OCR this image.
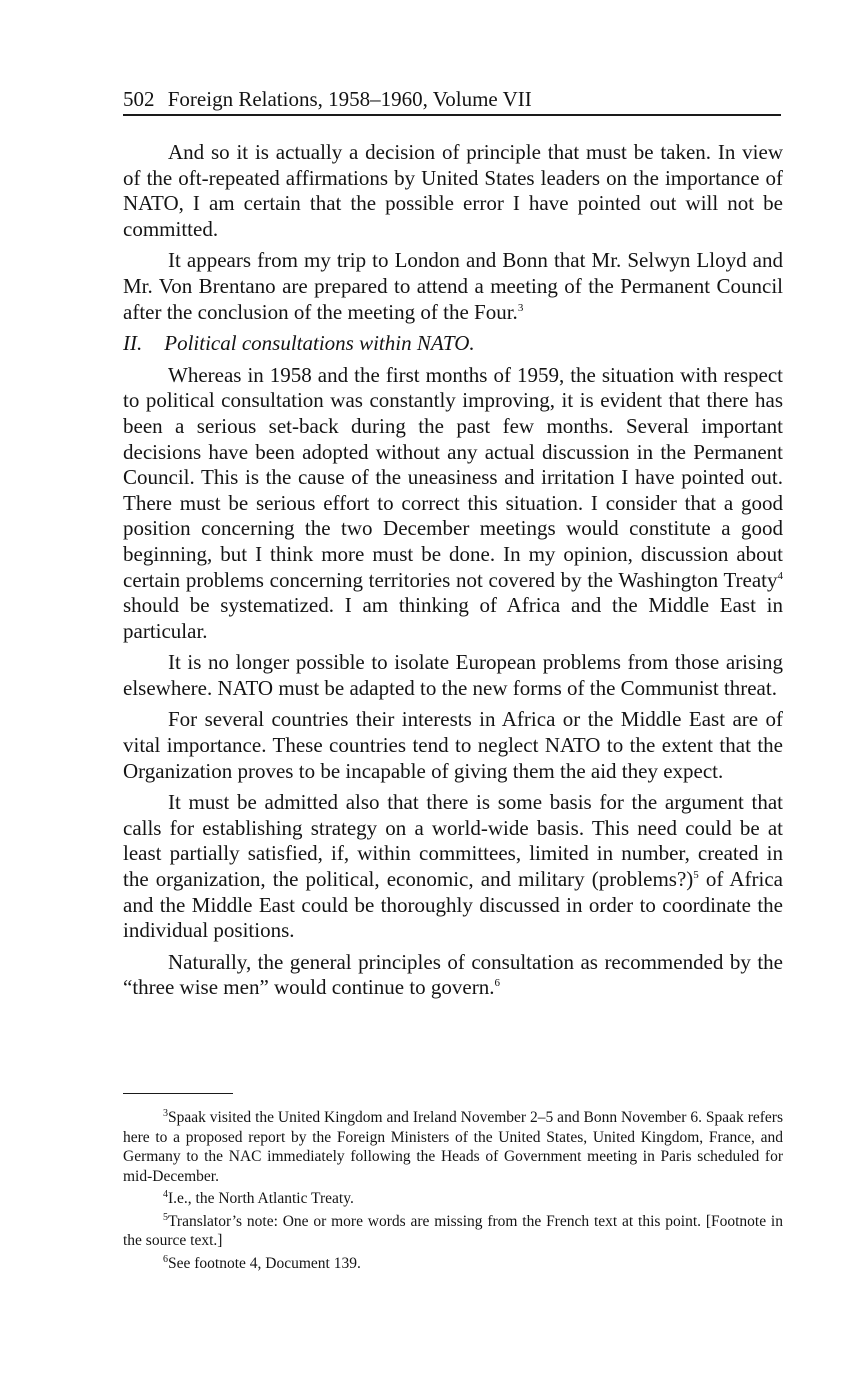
502 Foreign Relations, 1958–1960, Volume VII

And so it is actually a decision of principle that must be taken. In view of the oft-repeated affirmations by United States leaders on the importance of NATO, I am certain that the possible error I have pointed out will not be committed.

It appears from my trip to London and Bonn that Mr. Selwyn Lloyd and Mr. Von Brentano are prepared to attend a meeting of the Permanent Council after the conclusion of the meeting of the Four.$^3$

II. Political consultations within NATO.

Whereas in 1958 and the first months of 1959, the situation with respect to political consultation was constantly improving, it is evident that there has been a serious set-back during the past few months. Several important decisions have been adopted without any actual discussion in the Permanent Council. This is the cause of the uneasiness and irritation I have pointed out. There must be serious effort to correct this situation. I consider that a good position concerning the two December meetings would constitute a good beginning, but I think more must be done. In my opinion, discussion about certain problems concerning territories not covered by the Washington Treaty$^4$ should be systematized. I am thinking of Africa and the Middle East in particular.

It is no longer possible to isolate European problems from those arising elsewhere. NATO must be adapted to the new forms of the Communist threat.

For several countries their interests in Africa or the Middle East are of vital importance. These countries tend to neglect NATO to the extent that the Organization proves to be incapable of giving them the aid they expect.

It must be admitted also that there is some basis for the argument that calls for establishing strategy on a world-wide basis. This need could be at least partially satisfied, if, within committees, limited in number, created in the organization, the political, economic, and military (problems?)$^5$ of Africa and the Middle East could be thoroughly discussed in order to coordinate the individual positions.

Naturally, the general principles of consultation as recommended by the “three wise men” would continue to govern.$^6$

$^3$Spaak visited the United Kingdom and Ireland November 2–5 and Bonn November 6. Spaak refers here to a proposed report by the Foreign Ministers of the United States, United Kingdom, France, and Germany to the NAC immediately following the Heads of Government meeting in Paris scheduled for mid-December.

$^4$I.e., the North Atlantic Treaty.

$^5$Translator’s note: One or more words are missing from the French text at this point. [Footnote in the source text.]

$^6$See footnote 4, Document 139.
